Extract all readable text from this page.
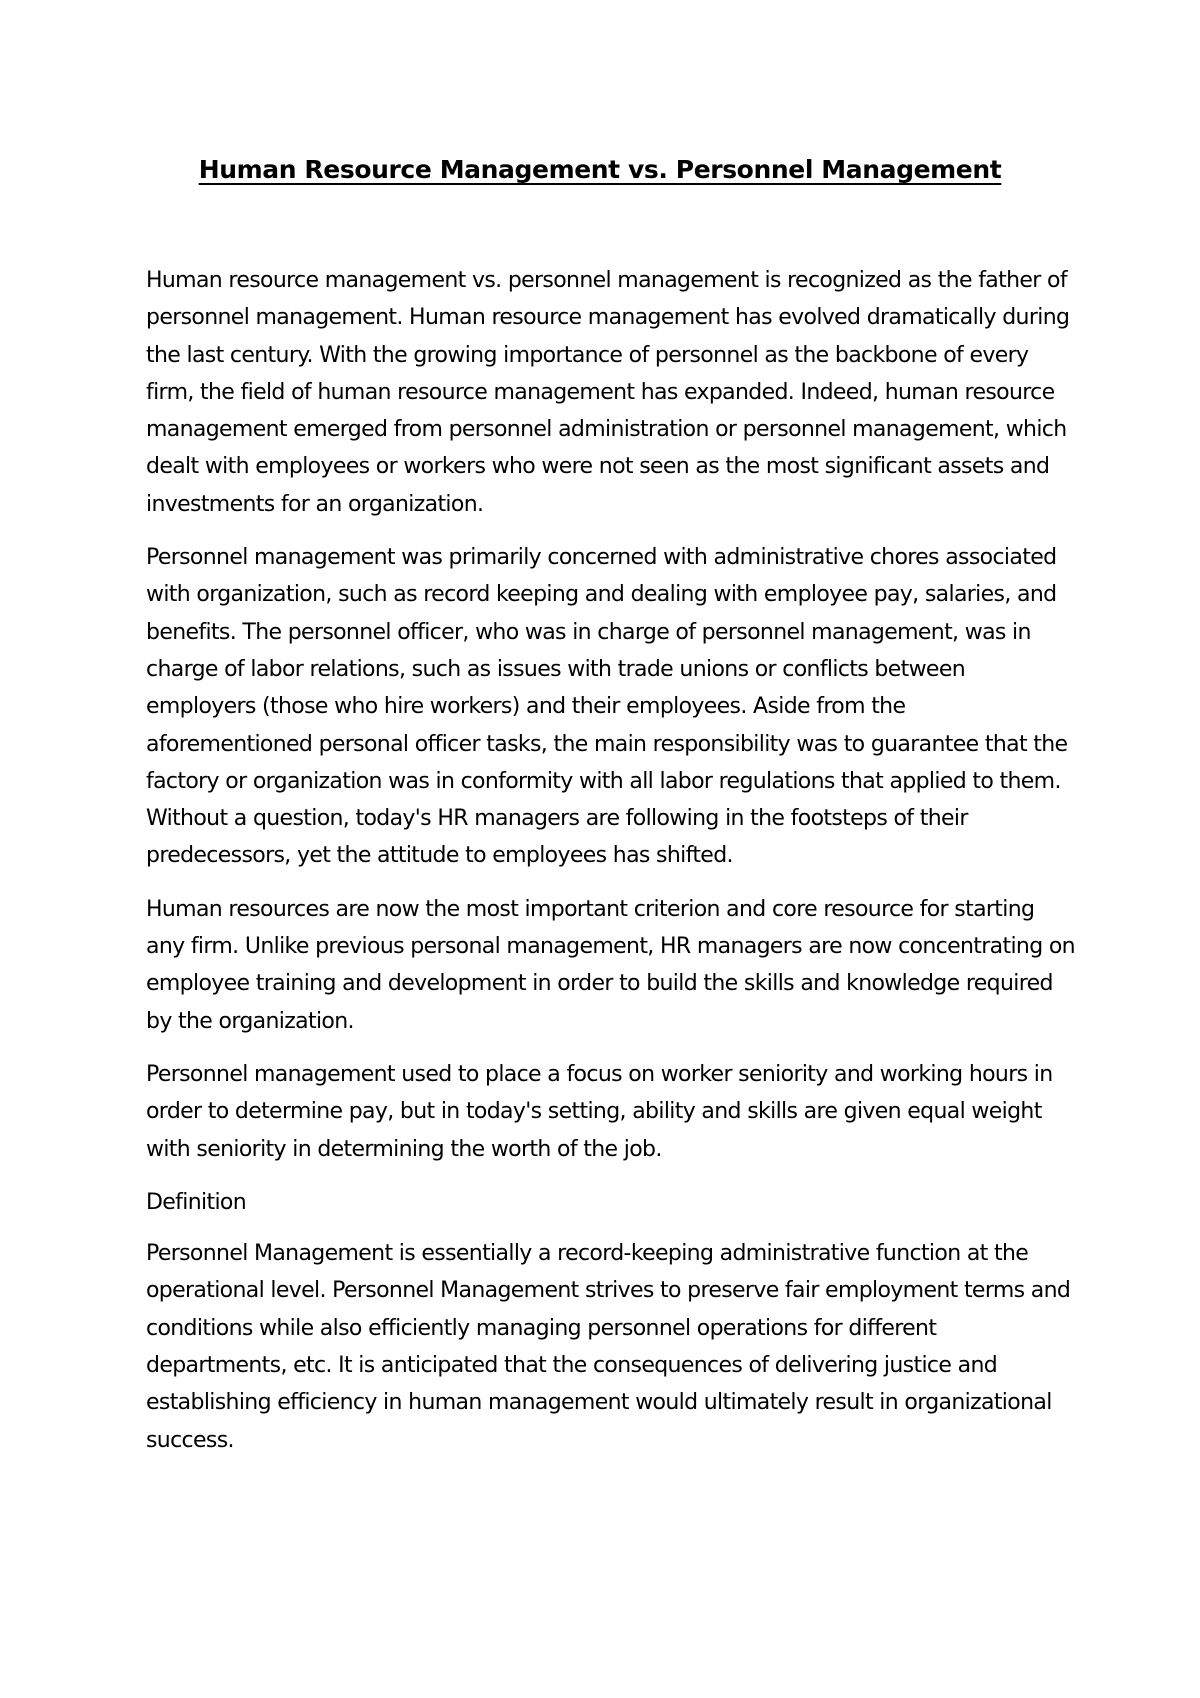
Human Resource Management vs. Personnel Management

Human resource management vs. personnel management is recognized as the father of personnel management. Human resource management has evolved dramatically during the last century. With the growing importance of personnel as the backbone of every firm, the field of human resource management has expanded. Indeed, human resource management emerged from personnel administration or personnel management, which dealt with employees or workers who were not seen as the most significant assets and investments for an organization.

Personnel management was primarily concerned with administrative chores associated with organization, such as record keeping and dealing with employee pay, salaries, and benefits. The personnel officer, who was in charge of personnel management, was in charge of labor relations, such as issues with trade unions or conflicts between employers (those who hire workers) and their employees. Aside from the aforementioned personal officer tasks, the main responsibility was to guarantee that the factory or organization was in conformity with all labor regulations that applied to them. Without a question, today's HR managers are following in the footsteps of their predecessors, yet the attitude to employees has shifted.

Human resources are now the most important criterion and core resource for starting any firm. Unlike previous personal management, HR managers are now concentrating on employee training and development in order to build the skills and knowledge required by the organization.

Personnel management used to place a focus on worker seniority and working hours in order to determine pay, but in today's setting, ability and skills are given equal weight with seniority in determining the worth of the job.

Definition

Personnel Management is essentially a record-keeping administrative function at the operational level. Personnel Management strives to preserve fair employment terms and conditions while also efficiently managing personnel operations for different departments, etc. It is anticipated that the consequences of delivering justice and establishing efficiency in human management would ultimately result in organizational success.
